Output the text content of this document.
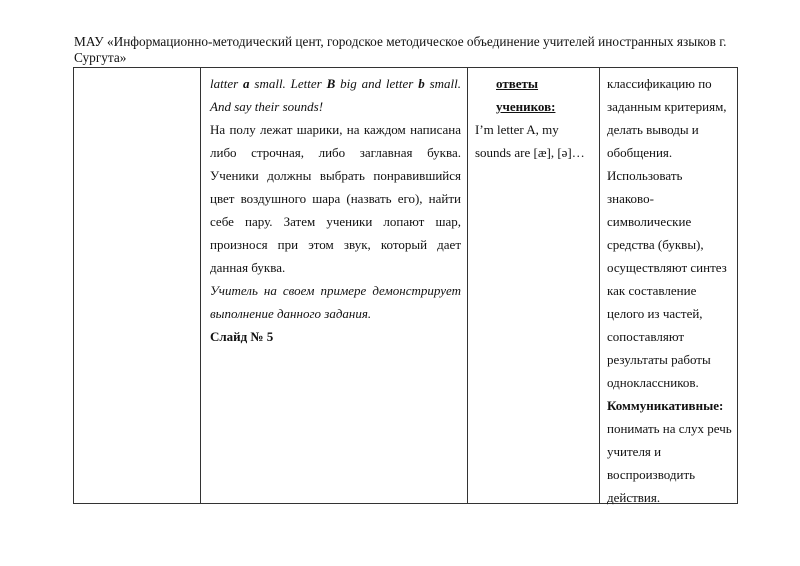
МАУ «Информационно-методический цент, городское методическое объединение учителей иностранных языков г.
Сургута»
latter a small. Letter B big and letter b small.
And say their sounds!
На полу лежат шарики, на каждом написана
либо строчная, либо заглавная буква.
Ученики должны выбрать понравившийся
цвет воздушного шара (назвать его), найти
себе пару. Затем ученики лопают шар,
произнося при этом звук, который дает
данная буква.
Учитель на своем примере демонстрирует
выполнение данного задания.
Слайд № 5
ответы
учеников:
I’m letter A, my
sounds are [æ], [ə]…
классификацию по
заданным критериям,
делать выводы и
обобщения.
Использовать
знаково-
символические
средства (буквы),
осуществляют синтез
как составление
целого из частей,
сопоставляют
результаты работы
одноклассников.
Коммуникативные:
понимать на слух речь
учителя и
воспроизводить
действия.
